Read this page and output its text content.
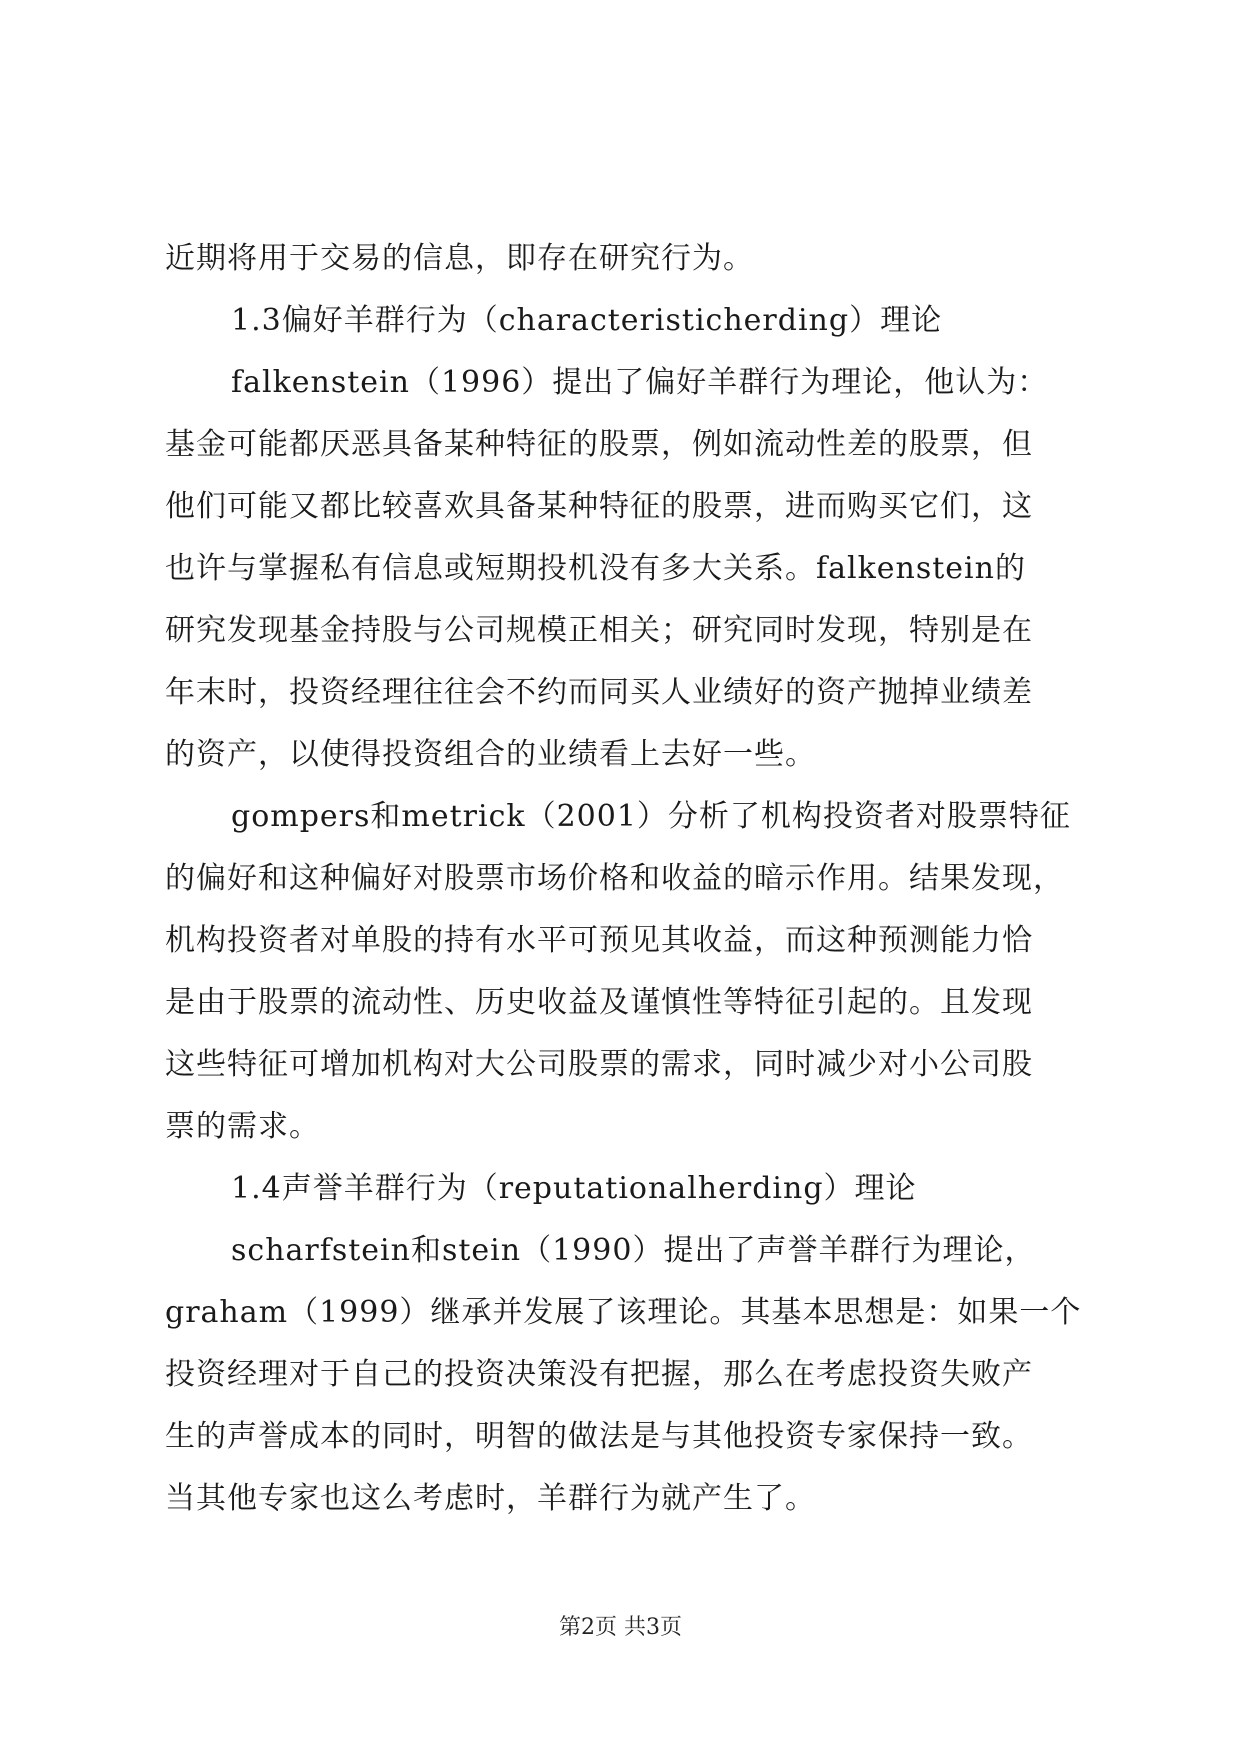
近期将用于交易的信息，即存在研究行为。
1.3偏好羊群行为（characteristicherding）理论
falkenstein（1996）提出了偏好羊群行为理论，他认为：
基金可能都厌恶具备某种特征的股票，例如流动性差的股票，但
他们可能又都比较喜欢具备某种特征的股票，进而购买它们，这
也许与掌握私有信息或短期投机没有多大关系。falkenstein的
研究发现基金持股与公司规模正相关；研究同时发现，特别是在
年末时，投资经理往往会不约而同买人业绩好的资产抛掉业绩差
的资产，以使得投资组合的业绩看上去好一些。
gompers和metrick（2001）分析了机构投资者对股票特征
的偏好和这种偏好对股票市场价格和收益的暗示作用。结果发现，
机构投资者对单股的持有水平可预见其收益，而这种预测能力恰
是由于股票的流动性、历史收益及谨慎性等特征引起的。且发现
这些特征可增加机构对大公司股票的需求，同时减少对小公司股
票的需求。
1.4声誉羊群行为（reputationalherding）理论
scharfstein和stein（1990）提出了声誉羊群行为理论，
graham（1999）继承并发展了该理论。其基本思想是：如果一个
投资经理对于自己的投资决策没有把握，那么在考虑投资失败产
生的声誉成本的同时，明智的做法是与其他投资专家保持一致。
当其他专家也这么考虑时，羊群行为就产生了。
第2页 共3页
